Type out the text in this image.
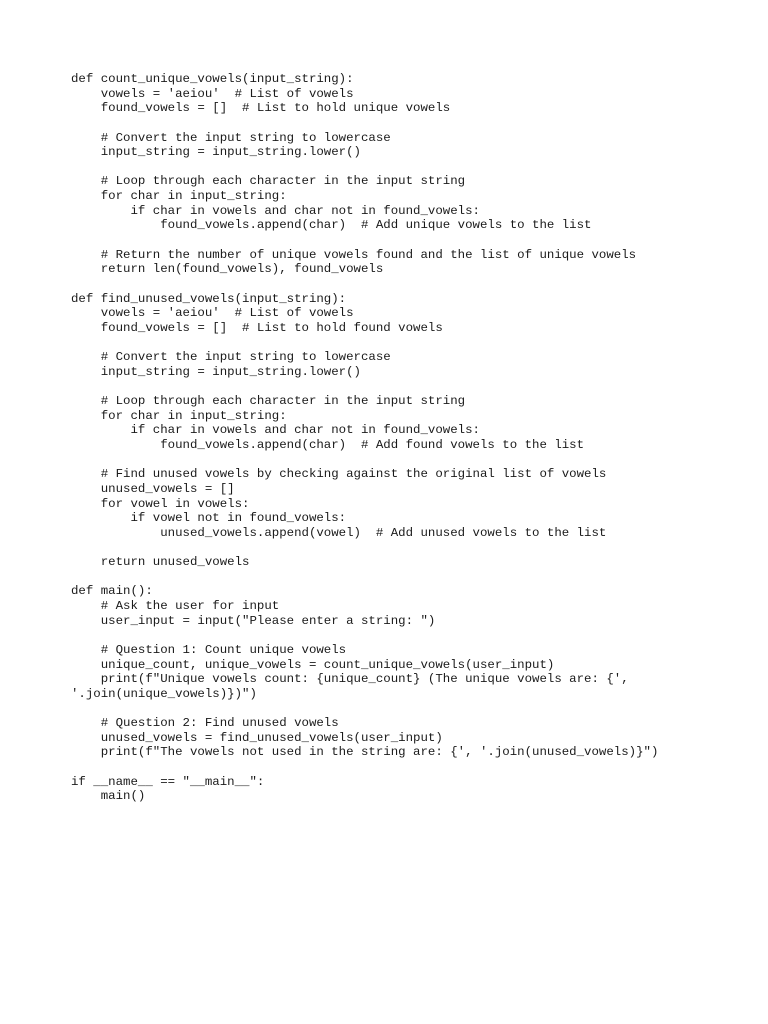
def count_unique_vowels(input_string):
vowels = 'aeiou'  # List of vowels
found_vowels = []  # List to hold unique vowels
# Convert the input string to lowercase
input_string = input_string.lower()
# Loop through each character in the input string
for char in input_string:
if char in vowels and char not in found_vowels:
found_vowels.append(char)  # Add unique vowels to the list
# Return the number of unique vowels found and the list of unique vowels
return len(found_vowels), found_vowels
def find_unused_vowels(input_string):
vowels = 'aeiou'  # List of vowels
found_vowels = []  # List to hold found vowels
# Convert the input string to lowercase
input_string = input_string.lower()
# Loop through each character in the input string
for char in input_string:
if char in vowels and char not in found_vowels:
found_vowels.append(char)  # Add found vowels to the list
# Find unused vowels by checking against the original list of vowels
unused_vowels = []
for vowel in vowels:
if vowel not in found_vowels:
unused_vowels.append(vowel)  # Add unused vowels to the list
return unused_vowels
def main():
# Ask the user for input
user_input = input("Please enter a string: ")
# Question 1: Count unique vowels
unique_count, unique_vowels = count_unique_vowels(user_input)
print(f"Unique vowels count: {unique_count} (The unique vowels are: {',
'.join(unique_vowels)})")
# Question 2: Find unused vowels
unused_vowels = find_unused_vowels(user_input)
print(f"The vowels not used in the string are: {', '.join(unused_vowels)}")
if __name__ == "__main__":
main()
